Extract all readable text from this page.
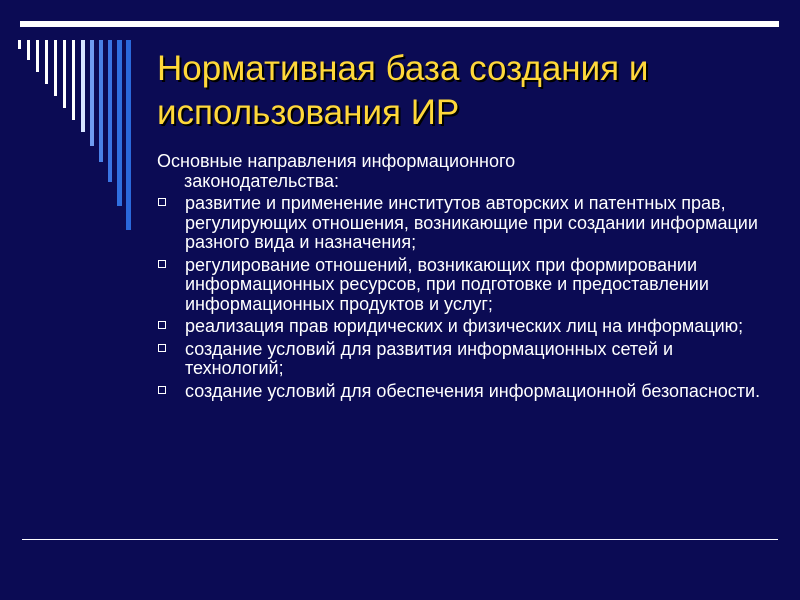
Нормативная база создания и
использования ИР
Основные направления информационного
законодательства:
развитие и применение институтов авторских и патентных прав, регулирующих отношения, возникающие при создании информации разного вида и назначения;
регулирование отношений, возникающих при формировании информационных ресурсов, при подготовке и предоставлении информационных продуктов и услуг;
реализация прав юридических и физических лиц на информацию;
создание условий для развития информационных сетей и технологий;
создание условий для обеспечения информационной безопасности.
